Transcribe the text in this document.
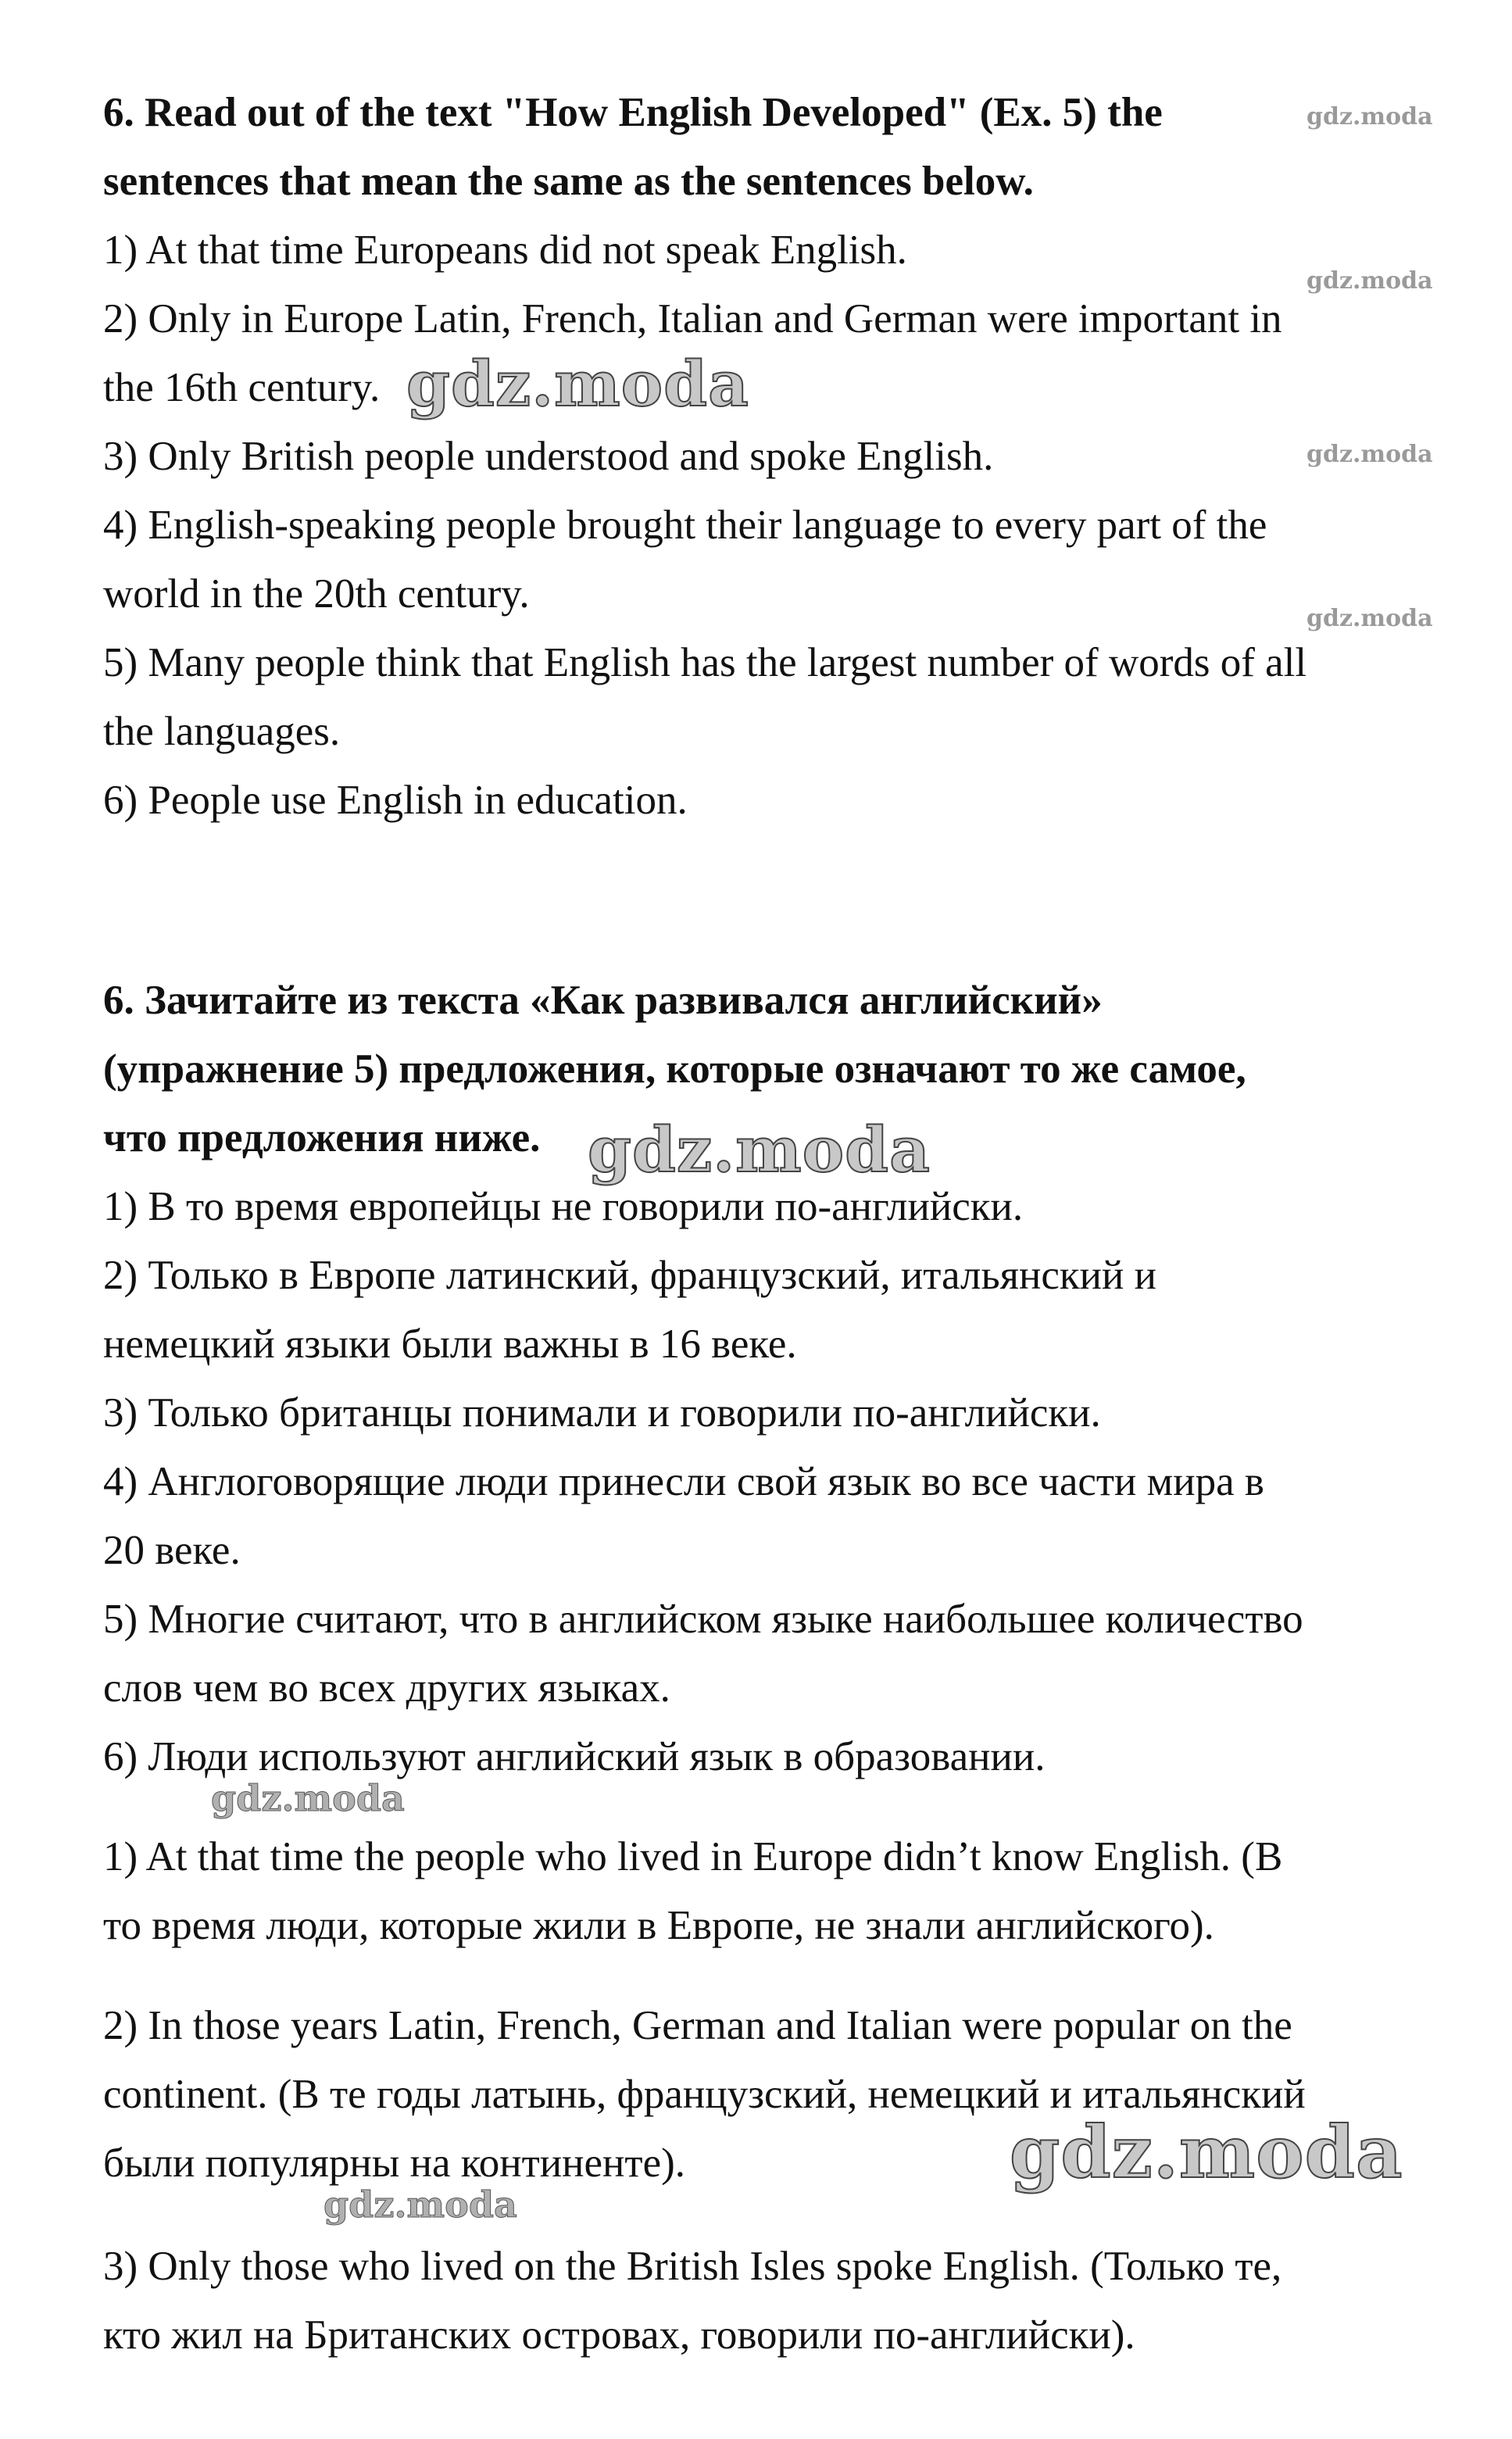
6. Read out of the text "How English Developed" (Ex. 5) the
sentences that mean the same as the sentences below.
1) At that time Europeans did not speak English.
2) Only in Europe Latin, French, Italian and German were important in
the 16th century.
3) Only British people understood and spoke English.
4) English-speaking people brought their language to every part of the
world in the 20th century.
5) Many people think that English has the largest number of words of all
the languages.
6) People use English in education.
6. Зачитайте из текста «Как развивался английский»
(упражнение 5) предложения, которые означают то же самое,
что предложения ниже.
1) В то время европейцы не говорили по-английски.
2) Только в Европе латинский, французский, итальянский и
немецкий языки были важны в 16 веке.
3) Только британцы понимали и говорили по-английски.
4) Англоговорящие люди принесли свой язык во все части мира в
20 веке.
5) Многие считают, что в английском языке наибольшее количество
слов чем во всех других языках.
6) Люди используют английский язык в образовании.
1) At that time the people who lived in Europe didn’t know English. (В
то время люди, которые жили в Европе, не знали английского).
2) In those years Latin, French, German and Italian were popular on the
continent. (В те годы латынь, французский, немецкий и итальянский
были популярны на континенте).
3) Only those who lived on the British Isles spoke English. (Только те,
кто жил на Британских островах, говорили по-английски).
gdz.moda
gdz.moda
gdz.moda
gdz.moda
gdz.moda
gdz.moda
gdz.moda
gdz.moda
gdz.moda
